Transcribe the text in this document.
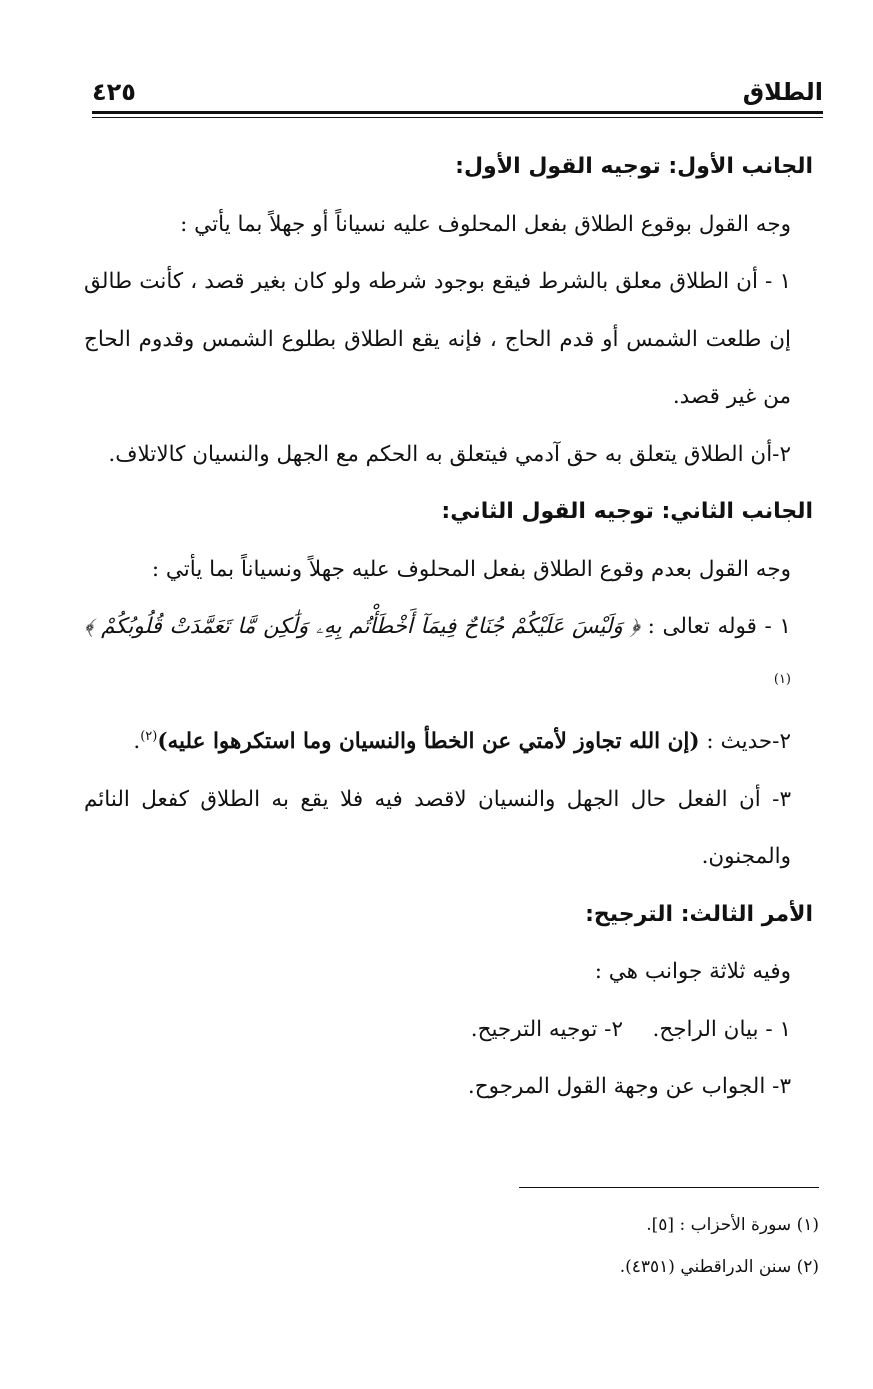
الطلاق
٤٢٥

الجانب الأول: توجيه القول الأول:

وجه القول بوقوع الطلاق بفعل المحلوف عليه نسياناً أو جهلاً بما يأتي :

١ - أن الطلاق معلق بالشرط فيقع بوجود شرطه ولو كان بغير قصد ، كأنت طالق إن طلعت الشمس أو قدم الحاج ، فإنه يقع الطلاق بطلوع الشمس وقدوم الحاج من غير قصد.

٢-أن الطلاق يتعلق به حق آدمي فيتعلق به الحكم مع الجهل والنسيان كالاتلاف.

الجانب الثاني: توجيه القول الثاني:

وجه القول بعدم وقوع الطلاق بفعل المحلوف عليه جهلاً ونسياناً بما يأتي :

١ - قوله تعالى : ﴿ وَلَيْسَ عَلَيْكُمْ جُنَاحٌ فِيمَآ أَخْطَأْتُم بِهِۦ وَلَٰكِن مَّا تَعَمَّدَتْ قُلُوبُكُمْ ﴾$^{(١)}$

٢-حديث : (إن الله تجاوز لأمتي عن الخطأ والنسيان وما استكرهوا عليه)$^{(٢)}$.

٣- أن الفعل حال الجهل والنسيان لاقصد فيه فلا يقع به الطلاق كفعل النائم والمجنون.

الأمر الثالث: الترجيح:

وفيه ثلاثة جوانب هي :

١ - بيان الراجح.
٢- توجيه الترجيح.

٣- الجواب عن وجهة القول المرجوح.

(١) سورة الأحزاب : [٥].

(٢) سنن الدراقطني (٤٣٥١).
